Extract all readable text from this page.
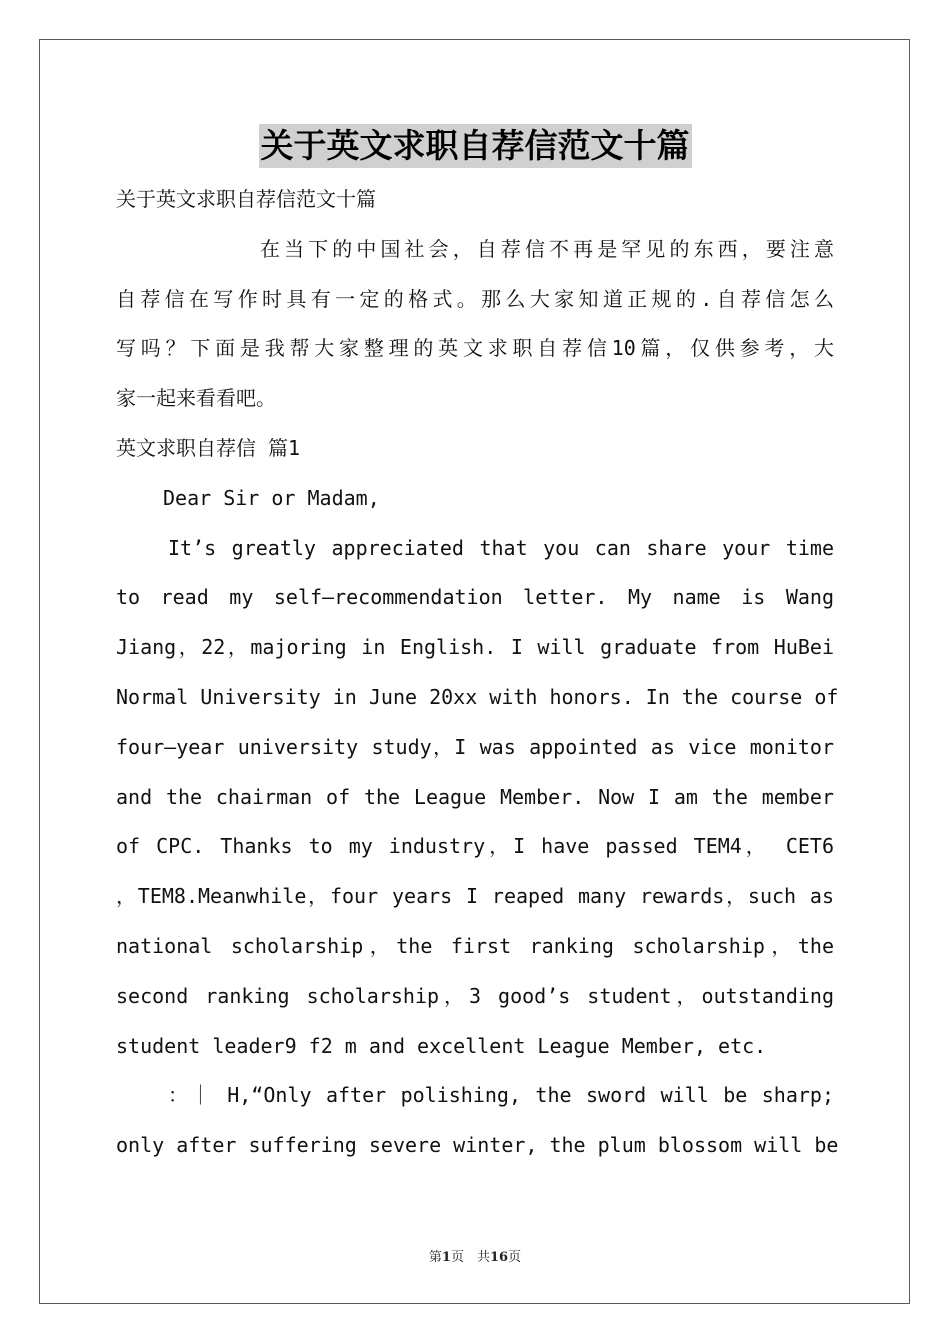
关于英文求职自荐信范文十篇
关于英文求职自荐信范文十篇
在当下的中国社会，自荐信不再是罕见的东西，要注意
自荐信在写作时具有一定的格式。那么大家知道正规的.自荐信怎么
写吗？下面是我帮大家整理的英文求职自荐信10篇，仅供参考，大
家一起来看看吧。
英文求职自荐信 篇1
Dear Sir or Madam,
It’s greatly appreciated that you can share your time
to read my self—recommendation letter. My name is Wang
Jiang，22，majoring in English. I will graduate from HuBei
Normal University in June 20xx with honors. In the course of
four—year university study，I was appointed as vice monitor
and the chairman of the League Member. Now I am the member
of CPC. Thanks to my industry，I have passed TEM4， CET6
，TEM8.Meanwhile，four years I reaped many rewards，such as
national scholarship，the first ranking scholarship，the
second ranking scholarship，3 good’s student，outstanding
student leader9 f2 m and excellent League Member, etc.
：｜ H,“Only after polishing, the sword will be sharp;
only after suffering severe winter, the plum blossom will be
第1页　共16页
